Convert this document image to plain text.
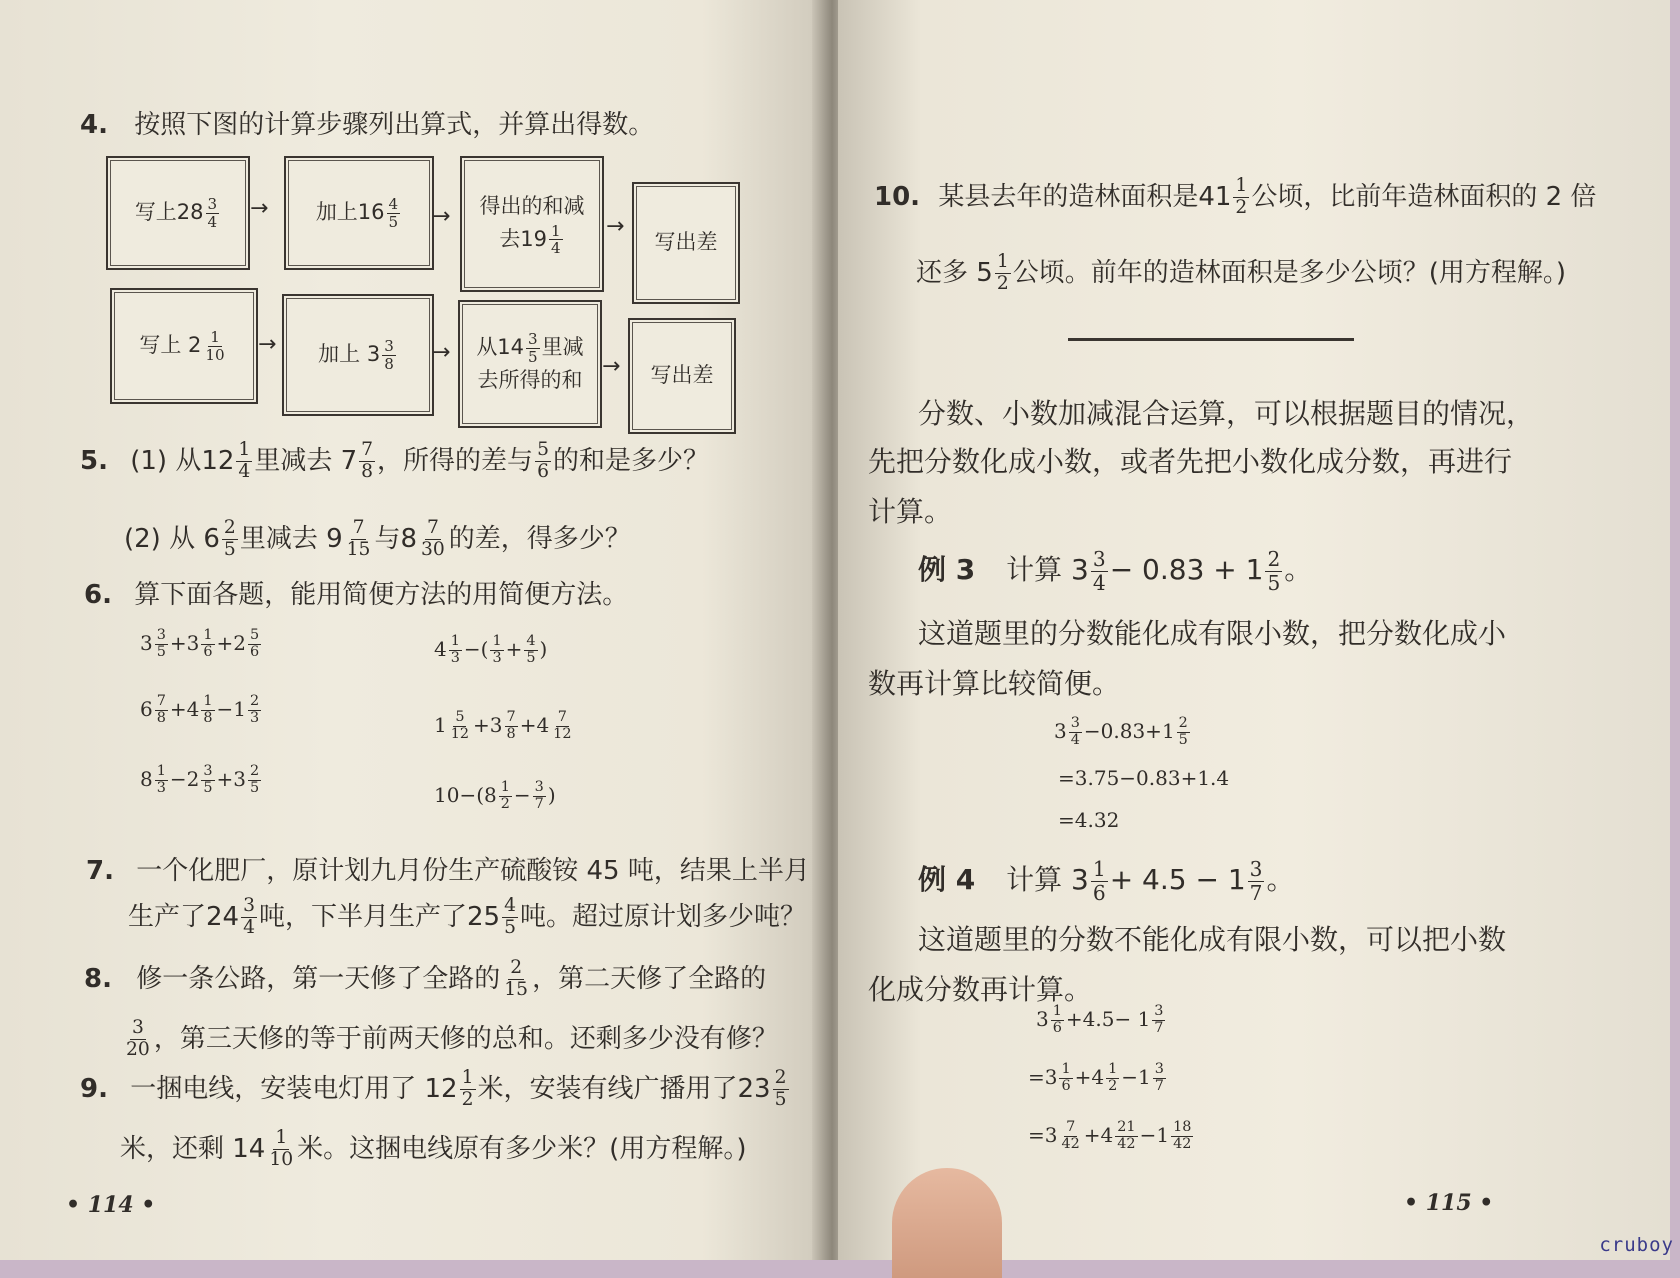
4. 按照下图的计算步骤列出算式，并算出得数。
写上$28 \frac{3}{4}$ → 加上$16 \frac{4}{5}$ → 得出的和减
去$19 \frac{1}{4}$ →
写出差
写上 $2 \frac{1}{10}$ → 加上 $3 \frac{3}{8}$ → 从$14 \frac{3}{5}$ 里减
去所得的和
→	写出差
5. (1) 从$12 \frac{1}{4}$ 里减去 $7 \frac{7}{8}$ ，所得的差与 $\frac{5}{6}$ 的和是多少？
(2) 从 $6 \frac{2}{5}$ 里减去 $9 \frac{7}{15}$ 与$8 \frac{7}{30}$ 的差，得多少？
6. 算下面各题，能用简便方法的用简便方法。
$3 \frac{3}{5} +3 \frac{1}{6} +2 \frac{5}{6}$	$4 \frac{1}{3}$ −( $\frac{1}{3} + \frac{4}{5}$ )
$6 \frac{7}{8} +4 \frac{1}{8} -1 \frac{2}{3}$	$1 \frac{5}{12} +3 \frac{7}{8} +4 \frac{7}{12}$
$8 \frac{1}{3} -2 \frac{3}{5} +3 \frac{2}{5}$	$10-(8 \frac{1}{2} - \frac{3}{7}$ )
7. 一个化肥厂，原计划九月份生产硫酸铵 45 吨，结果上半月
生产了$24 \frac{3}{4}$ 吨，下半月生产了$25 \frac{4}{5}$ 吨。超过原计划多少吨？
8. 修一条公路，第一天修了全路的 $\frac{2}{15}$ ，第二天修了全路的
$\frac{3}{20}$ ，第三天修的等于前两天修的总和。还剩多少没有修？
9. 一捆电线，安装电灯用了 $12 \frac{1}{2}$ 米，安装有线广播用了$23 \frac{2}{5}$
米，还剩 $14 \frac{1}{10}$ 米。这捆电线原有多少米？(用方程解。)
• 114 •
10. 某县去年的造林面积是$41 \frac{1}{2}$ 公顷，比前年造林面积的 2 倍
还多 $5 \frac{1}{2}$ 公顷。前年的造林面积是多少公顷？(用方程解。)
分数、小数加减混合运算，可以根据题目的情况，
先把分数化成小数，或者先把小数化成分数，再进行
计算。
例 3 计算 $3 \frac{3}{4} - 0.83 + 1 \frac{2}{5}$ 。
这道题里的分数能化成有限小数，把分数化成小
数再计算比较简便。
$3 \frac{3}{4} -0.83+1 \frac{2}{5}$
=3.75−0.83+1.4
=4.32
例 4 计算 $3 \frac{1}{6} + 4.5 - 1 \frac{3}{7}$ 。
这道题里的分数不能化成有限小数，可以把小数
化成分数再计算。
$3 \frac{1}{6} +4.5- 1 \frac{3}{7}$
$=3 \frac{1}{6} +4 \frac{1}{2} -1 \frac{3}{7}$
$=3 \frac{7}{42} +4 \frac{21}{42} -1 \frac{18}{42}$
• 115 •
cruboy
